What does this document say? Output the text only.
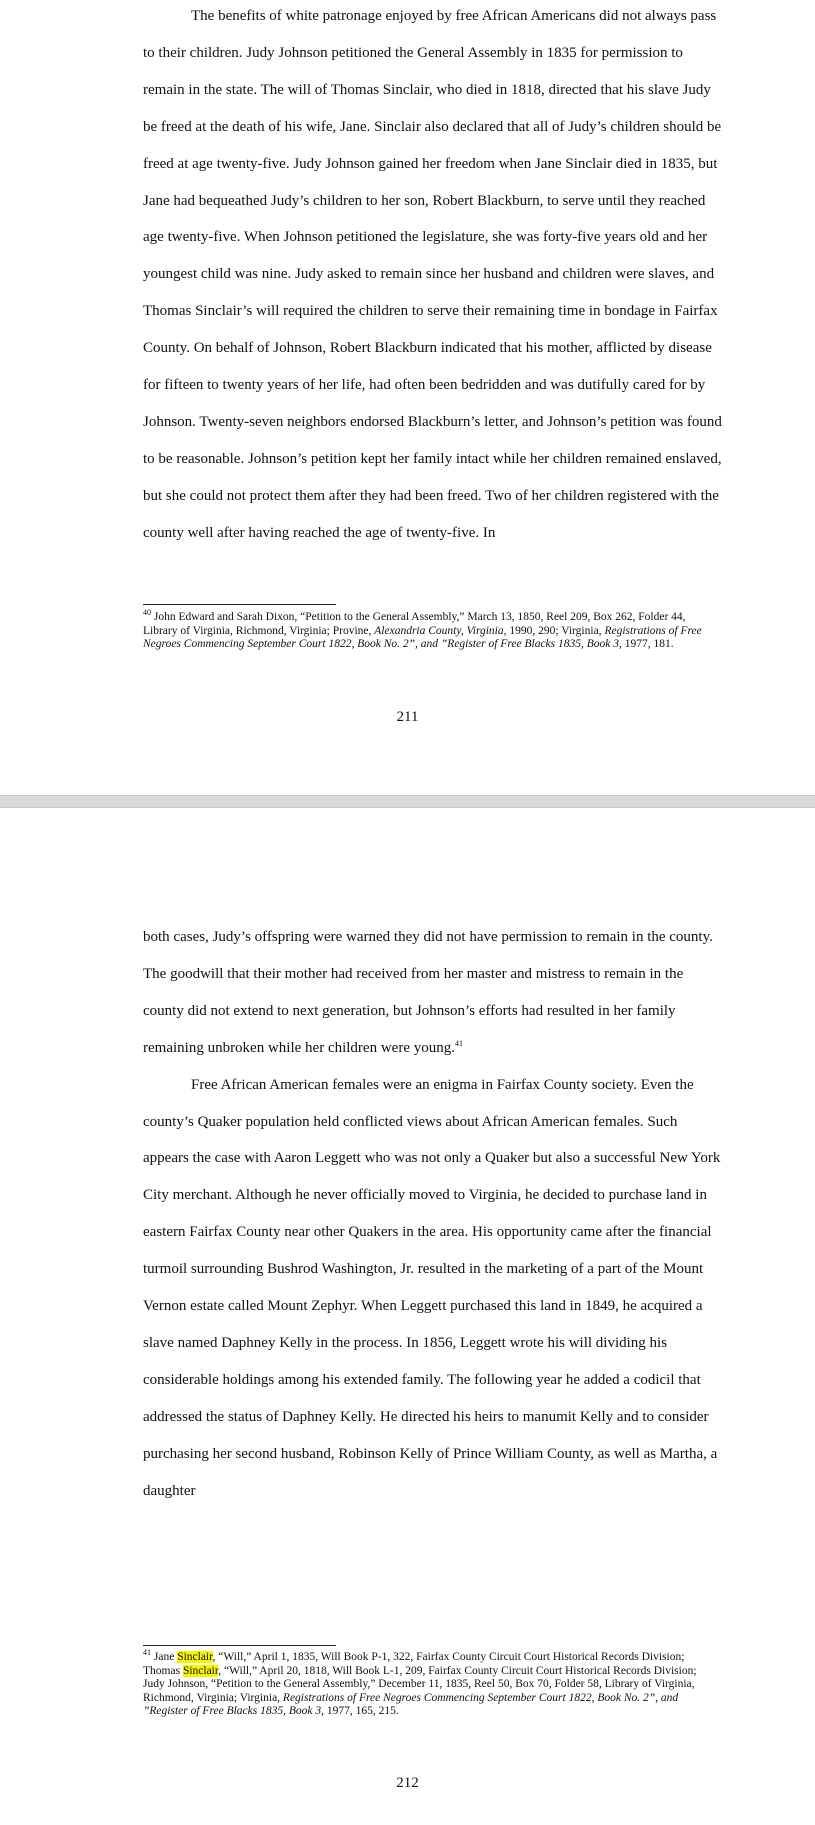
The benefits of white patronage enjoyed by free African Americans did not always pass to their children. Judy Johnson petitioned the General Assembly in 1835 for permission to remain in the state. The will of Thomas Sinclair, who died in 1818, directed that his slave Judy be freed at the death of his wife, Jane. Sinclair also declared that all of Judy’s children should be freed at age twenty-five. Judy Johnson gained her freedom when Jane Sinclair died in 1835, but Jane had bequeathed Judy’s children to her son, Robert Blackburn, to serve until they reached age twenty-five. When Johnson petitioned the legislature, she was forty-five years old and her youngest child was nine. Judy asked to remain since her husband and children were slaves, and Thomas Sinclair’s will required the children to serve their remaining time in bondage in Fairfax County. On behalf of Johnson, Robert Blackburn indicated that his mother, afflicted by disease for fifteen to twenty years of her life, had often been bedridden and was dutifully cared for by Johnson. Twenty-seven neighbors endorsed Blackburn’s letter, and Johnson’s petition was found to be reasonable. Johnson’s petition kept her family intact while her children remained enslaved, but she could not protect them after they had been freed. Two of her children registered with the county well after having reached the age of twenty-five. In

$^{40}$ John Edward and Sarah Dixon, “Petition to the General Assembly,” March 13, 1850, Reel 209, Box 262, Folder 44, Library of Virginia, Richmond, Virginia; Provine, Alexandria County, Virginia, 1990, 290; Virginia, Registrations of Free Negroes Commencing September Court 1822, Book No. 2”, and ”Register of Free Blacks 1835, Book 3, 1977, 181.

211

both cases, Judy’s offspring were warned they did not have permission to remain in the county. The goodwill that their mother had received from her master and mistress to remain in the county did not extend to next generation, but Johnson’s efforts had resulted in her family remaining unbroken while her children were young.$^{41}$

Free African American females were an enigma in Fairfax County society. Even the county’s Quaker population held conflicted views about African American females. Such appears the case with Aaron Leggett who was not only a Quaker but also a successful New York City merchant. Although he never officially moved to Virginia, he decided to purchase land in eastern Fairfax County near other Quakers in the area. His opportunity came after the financial turmoil surrounding Bushrod Washington, Jr. resulted in the marketing of a part of the Mount Vernon estate called Mount Zephyr. When Leggett purchased this land in 1849, he acquired a slave named Daphney Kelly in the process. In 1856, Leggett wrote his will dividing his considerable holdings among his extended family. The following year he added a codicil that addressed the status of Daphney Kelly. He directed his heirs to manumit Kelly and to consider purchasing her second husband, Robinson Kelly of Prince William County, as well as Martha, a daughter

$^{41}$ Jane Sinclair, “Will,” April 1, 1835, Will Book P-1, 322, Fairfax County Circuit Court Historical Records Division; Thomas Sinclair, “Will,” April 20, 1818, Will Book L-1, 209, Fairfax County Circuit Court Historical Records Division; Judy Johnson, “Petition to the General Assembly,” December 11, 1835, Reel 50, Box 70, Folder 58, Library of Virginia, Richmond, Virginia; Virginia, Registrations of Free Negroes Commencing September Court 1822, Book No. 2”, and ”Register of Free Blacks 1835, Book 3, 1977, 165, 215.

212
